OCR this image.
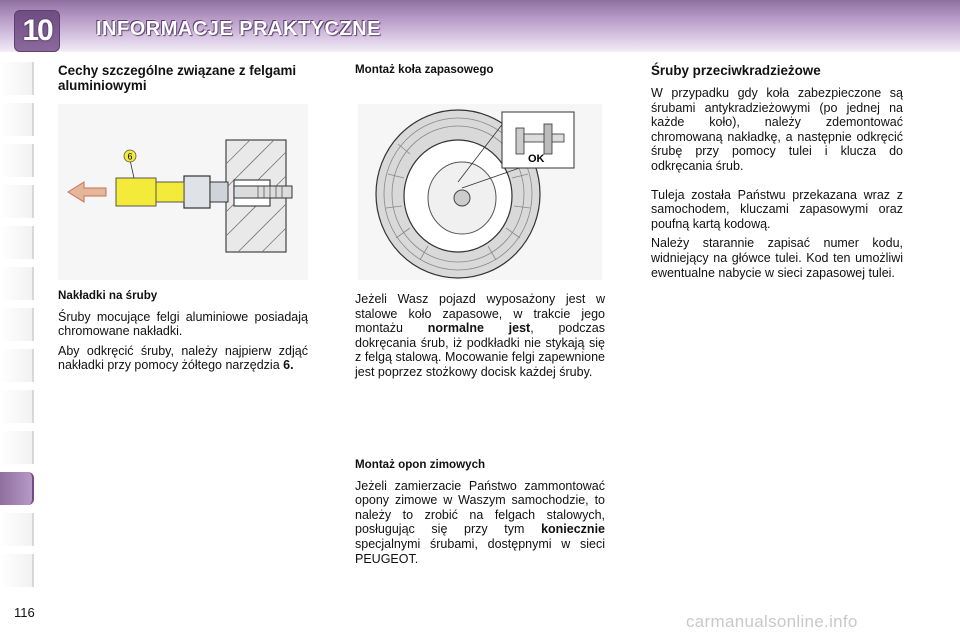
10	INFORMACJE PRAKTYCZNE
Cechy szczególne związane z felgami aluminiowymi
6
Nakładki na śruby

Śruby mocujące felgi aluminiowe posiadają chromowane nakładki.

Aby odkręcić śruby, należy najpierw zdjąć nakładki przy pomocy żółtego narzędzia 6.

Montaż koła zapasowego
OK

Jeżeli Wasz pojazd wyposażony jest w stalowe koło zapasowe, w trakcie jego montażu normalne jest, podczas dokręcania śrub, iż podkładki nie stykają się z felgą stalową. Mocowanie felgi zapewnione jest poprzez stożkowy docisk każdej śruby.

Montaż opon zimowych

Jeżeli zamierzacie Państwo zammontować opony zimowe w Waszym samochodzie, to należy to zrobić na felgach stalowych, posługując się przy tym koniecznie specjalnymi śrubami, dostępnymi w sieci PEUGEOT.

Śruby przeciwkradzieżowe

W przypadku gdy koła zabezpieczone są śrubami antykradzieżowymi (po jednej na każde koło), należy zdemontować chromowaną nakładkę, a następnie odkręcić śrubę przy pomocy tulei i klucza do odkręcania śrub.

Tuleja została Państwu przekazana wraz z samochodem, kluczami zapasowymi oraz poufną kartą kodową.

Należy starannie zapisać numer kodu, widniejący na główce tulei. Kod ten umożliwi ewentualne nabycie w sieci zapasowej tulei.

116	carmanualsonline.info
